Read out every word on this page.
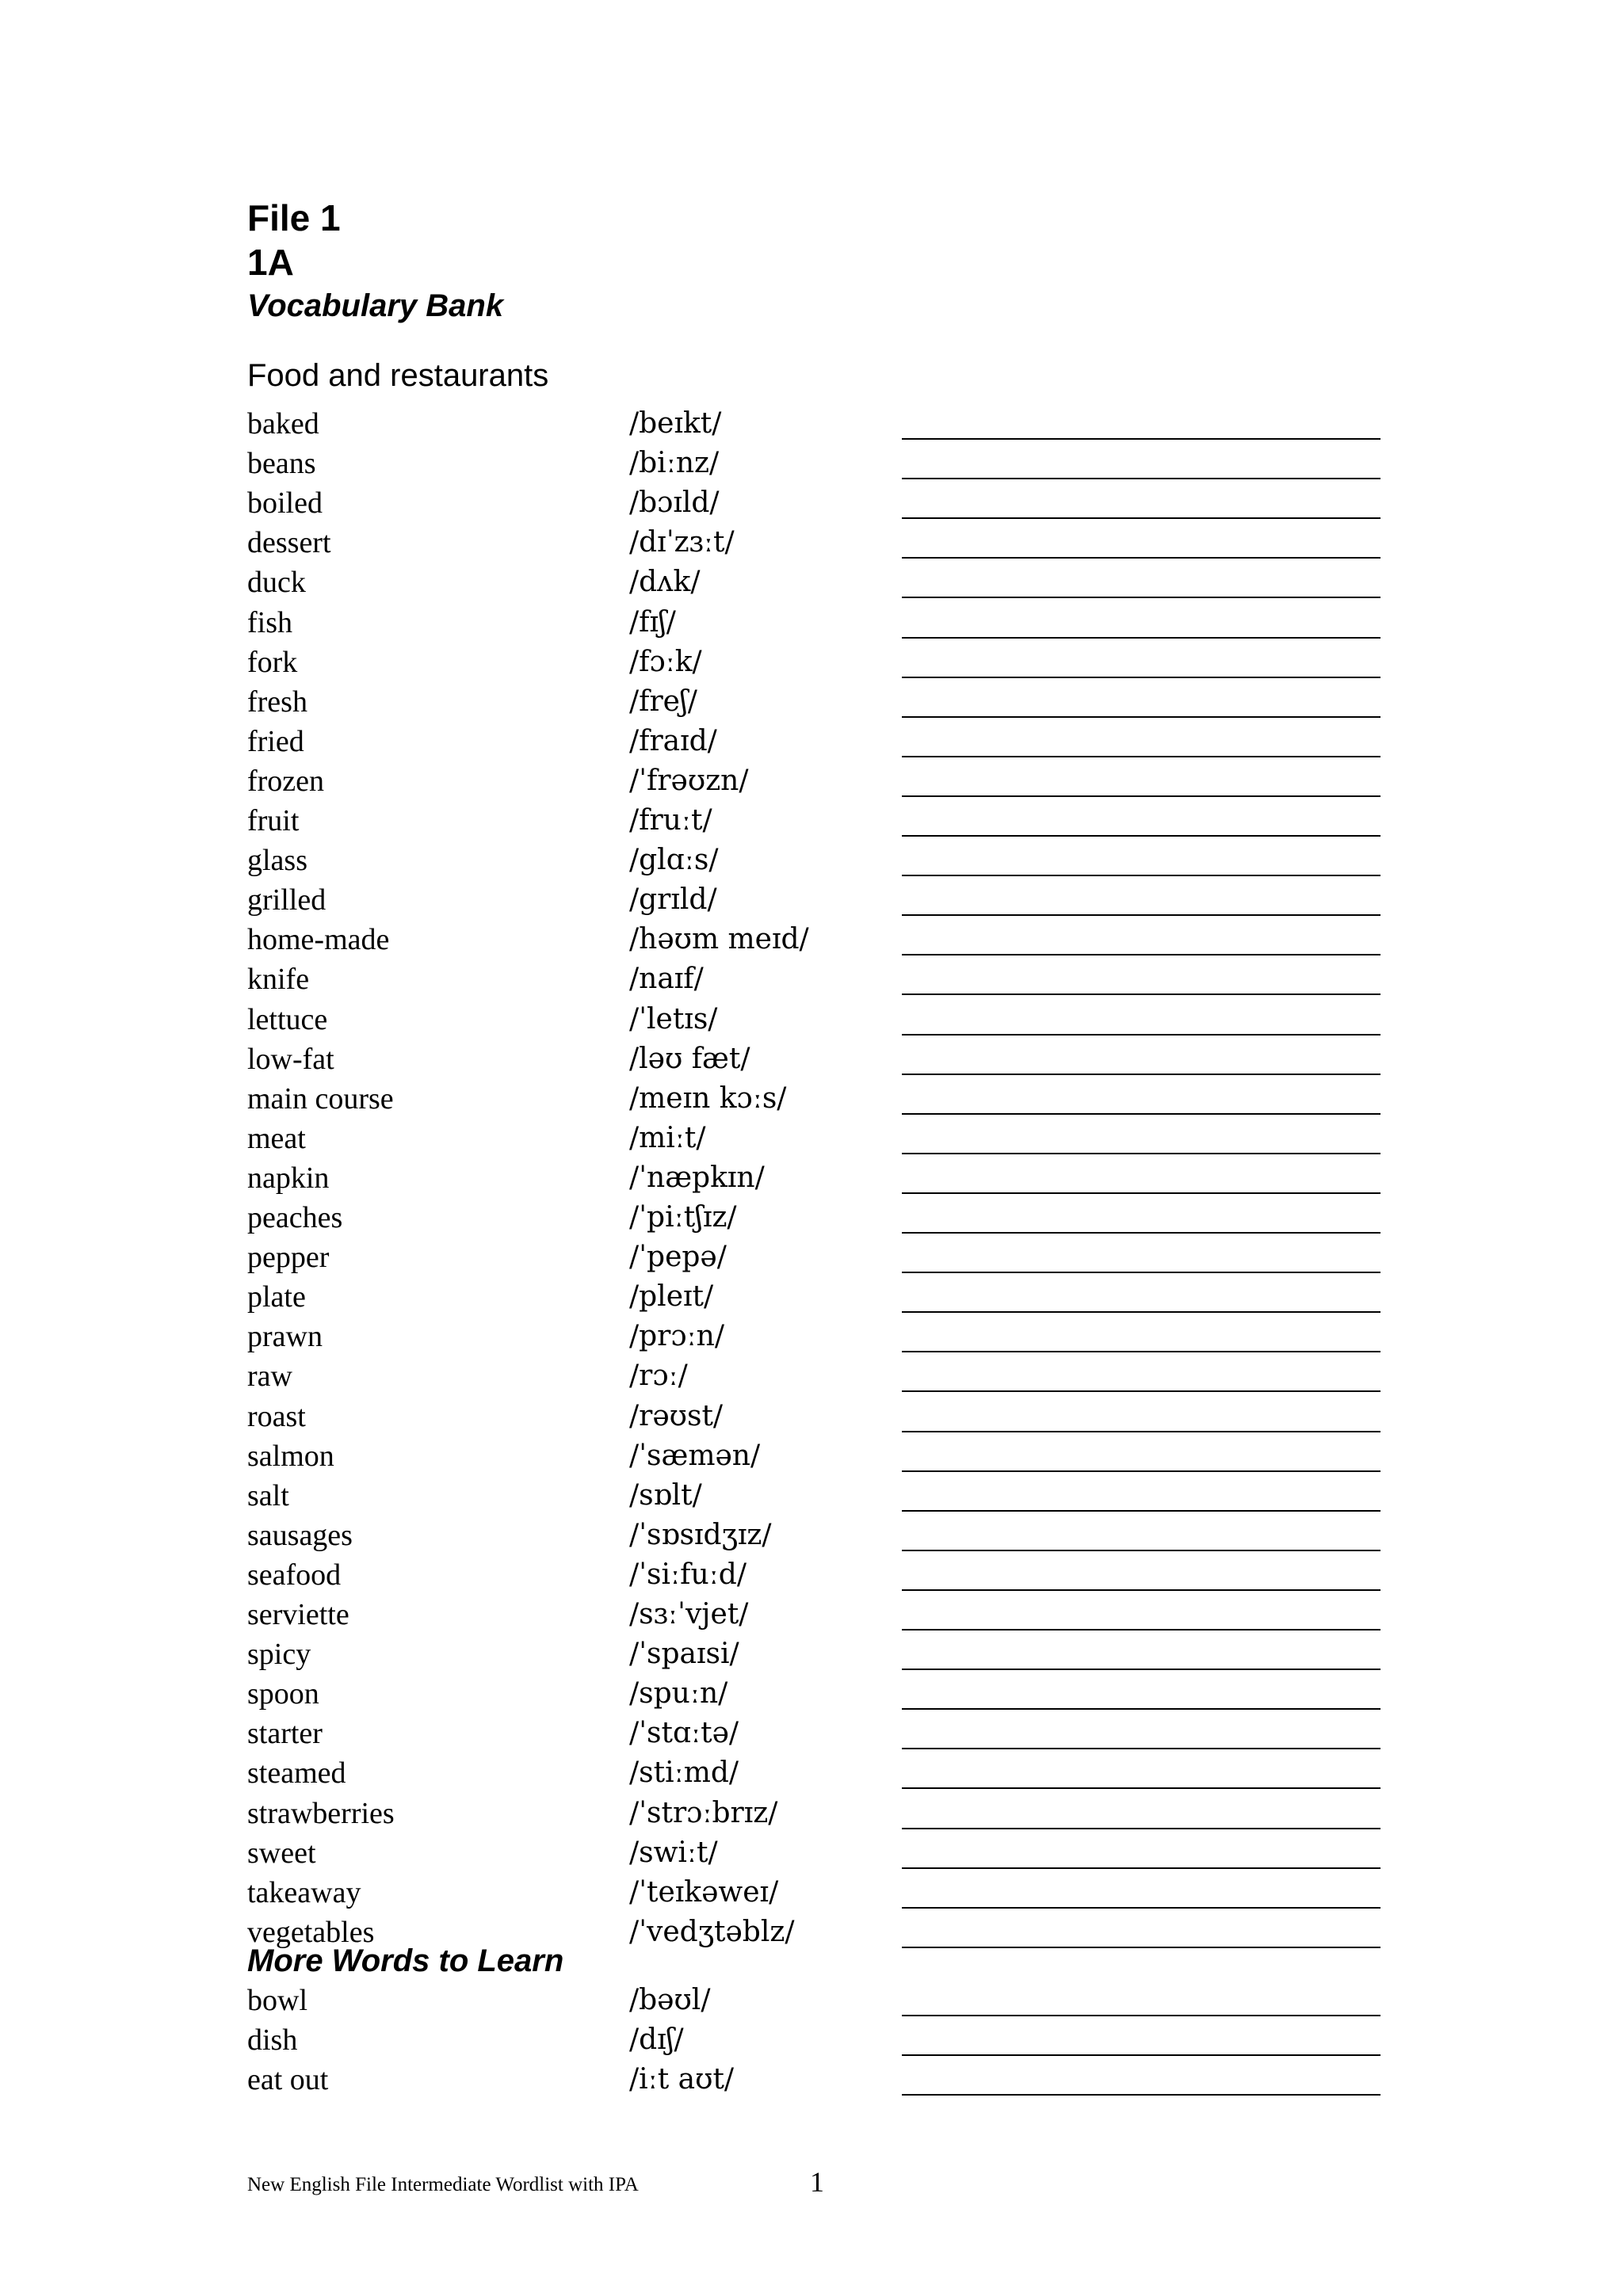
File 1
1A
Vocabulary Bank
Food and restaurants
baked	/beɪkt/
beans	/biːnz/
boiled	/bɔɪld/
dessert	/dɪˈzɜːt/
duck	/dʌk/
fish	/fɪʃ/
fork	/fɔːk/
fresh	/freʃ/
fried	/fraɪd/
frozen	/ˈfrəʊzn/
fruit	/fruːt/
glass	/glɑːs/
grilled	/grɪld/
home-made	/həʊm meɪd/
knife	/naɪf/
lettuce	/ˈletɪs/
low-fat	/ləʊ fæt/
main course	/meɪn kɔːs/
meat	/miːt/
napkin	/ˈnæpkɪn/
peaches	/ˈpiːtʃɪz/
pepper	/ˈpepə/
plate	/pleɪt/
prawn	/prɔːn/
raw	/rɔː/
roast	/rəʊst/
salmon	/ˈsæmən/
salt	/sɒlt/
sausages	/ˈsɒsɪdʒɪz/
seafood	/ˈsiːfuːd/
serviette	/sɜːˈvjet/
spicy	/ˈspaɪsi/
spoon	/spuːn/
starter	/ˈstɑːtə/
steamed	/stiːmd/
strawberries	/ˈstrɔːbrɪz/
sweet	/swiːt/
takeaway	/ˈteɪkəweɪ/
vegetables	/ˈvedʒtəblz/
More Words to Learn
bowl	/bəʊl/
dish	/dɪʃ/
eat out	/iːt aʊt/
New English File Intermediate Wordlist with IPA	1
